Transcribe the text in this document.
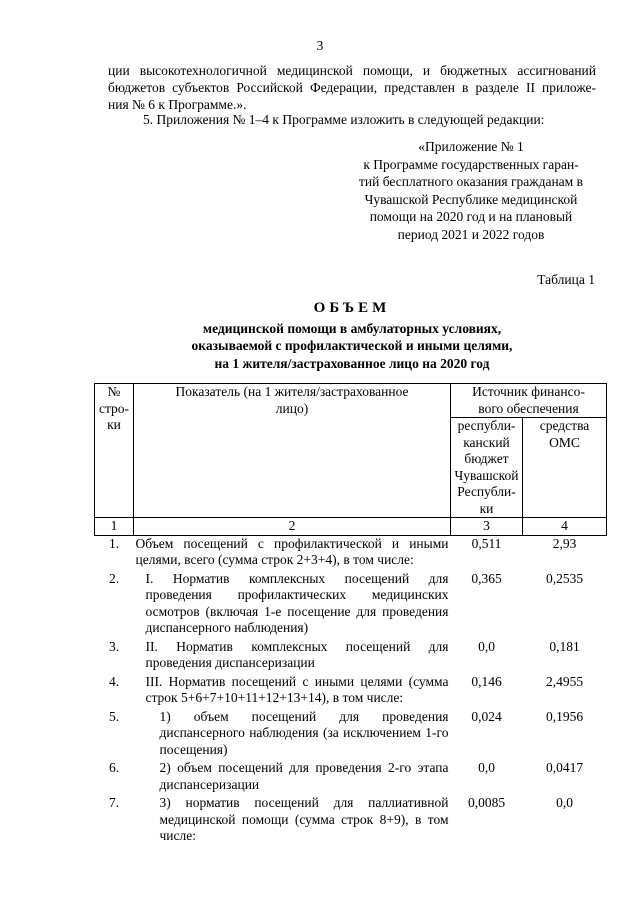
3
ции высокотехнологичной медицинской помощи, и бюджетных ассигнований
бюджетов субъектов Российской Федерации, представлен в разделе II приложе-
ния № 6 к Программе.».
5. Приложения № 1–4 к Программе изложить в следующей редакции:
«Приложение № 1
к Программе государственных гаран-
тий бесплатного оказания гражданам в
Чувашской Республике медицинской
помощи на 2020 год и на плановый
период 2021 и 2022 годов
Таблица 1
ОБЪЕМ
медицинской помощи в амбулаторных условиях,
оказываемой с профилактической и иными целями,
на 1 жителя/застрахованное лицо на 2020 год
№ стро-ки	Показатель (на 1 жителя/застрахованное лицо)	Источник финансо-вого обеспечения	
		республи-канский бюджет Чувашской Республи-ки	средства ОМС
1	2	3	4
1.	Объем посещений с профилактической и иными целями, всего (сумма строк 2+3+4), в том числе:	0,511	2,93
2.	I. Норматив комплексных посещений для проведения профилактических медицинских осмотров (включая 1-е посещение для проведения диспансерного наблюдения)	0,365	0,2535
3.	II. Норматив комплексных посещений для проведения диспансеризации	0,0	0,181
4.	III. Норматив посещений с иными целями (сумма строк 5+6+7+10+11+12+13+14), в том числе:	0,146	2,4955
5.	1) объем посещений для проведения диспансерного наблюдения (за исключением 1-го посещения)	0,024	0,1956
6.	2) объем посещений для проведения 2-го этапа диспансеризации	0,0	0,0417
7.	3) норматив посещений для паллиативной медицинской помощи (сумма строк 8+9), в том числе:	0,0085	0,0
